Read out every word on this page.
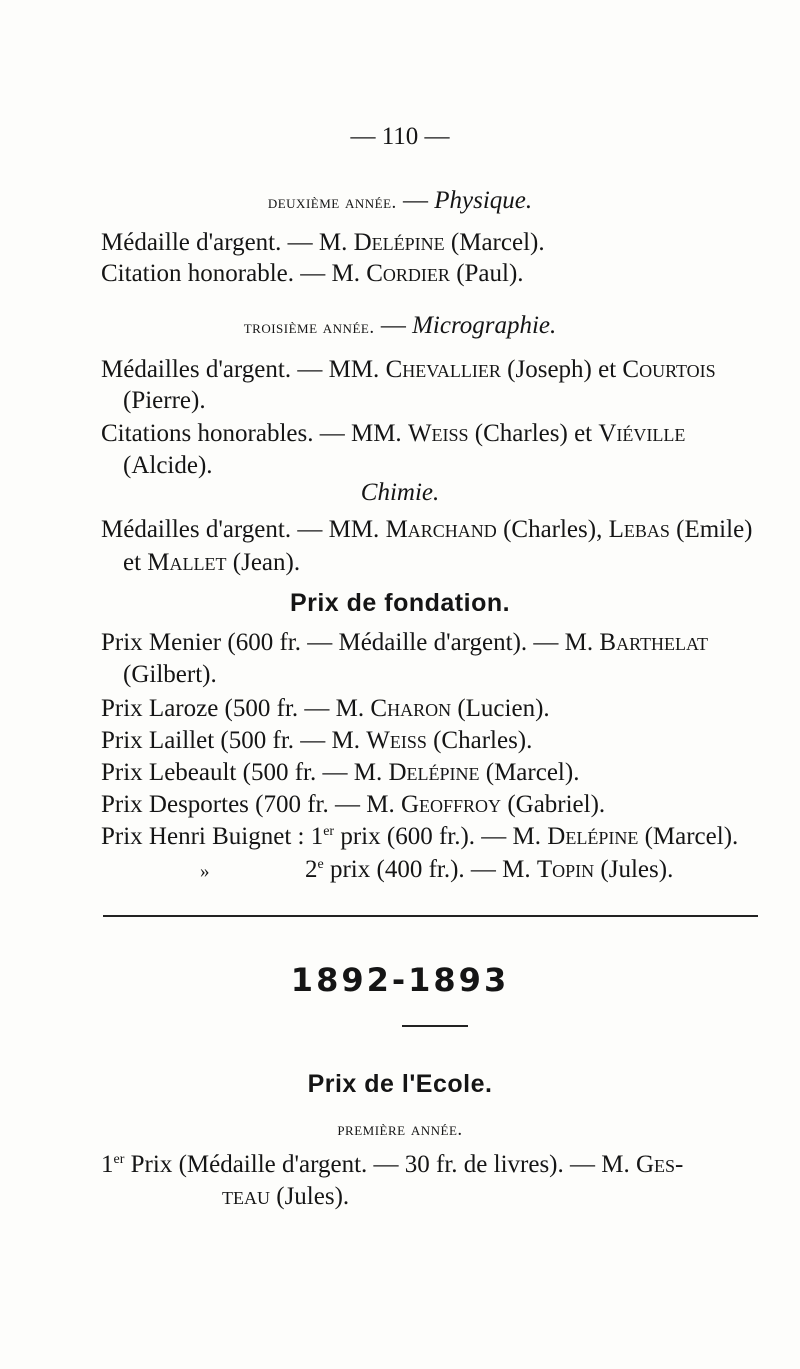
— 110 —
deuxième année. — Physique.
Médaille d'argent. — M. Delépine (Marcel).
Citation honorable. — M. Cordier (Paul).
troisième année. — Micrographie.
Médailles d'argent. — MM. Chevallier (Joseph) et Courtois
(Pierre).
Citations honorables. — MM. Weiss (Charles) et Viéville
(Alcide).
Chimie.
Médailles d'argent. — MM. Marchand (Charles), Lebas (Emile)
et Mallet (Jean).
Prix de fondation.
Prix Menier (600 fr. — Médaille d'argent). — M. Barthelat
(Gilbert).
Prix Laroze (500 fr. — M. Charon (Lucien).
Prix Laillet (500 fr. — M. Weiss (Charles).
Prix Lebeault (500 fr. — M. Delépine (Marcel).
Prix Desportes (700 fr. — M. Geoffroy (Gabriel).
Prix Henri Buignet : 1er prix (600 fr.). — M. Delépine (Marcel).
»	2e prix (400 fr.). — M. Topin (Jules).
1892-1893
Prix de l'Ecole.
première année.
1er Prix (Médaille d'argent. — 30 fr. de livres). — M. Ges-
teau (Jules).
